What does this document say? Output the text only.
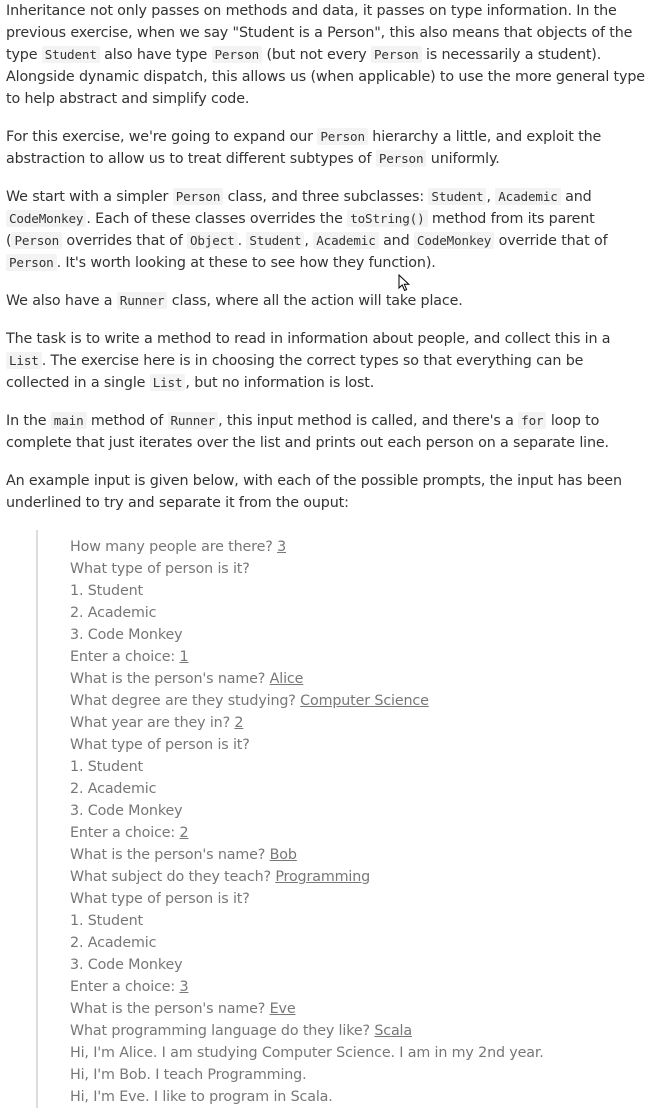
Inheritance not only passes on methods and data, it passes on type information. In the previous exercise, when we say "Student is a Person", this also means that objects of the type Student also have type Person (but not every Person is necessarily a student). Alongside dynamic dispatch, this allows us (when applicable) to use the more general type to help abstract and simplify code.

For this exercise, we're going to expand our Person hierarchy a little, and exploit the abstraction to allow us to treat different subtypes of Person uniformly.

We start with a simpler Person class, and three subclasses: Student , Academic and CodeMonkey . Each of these classes overrides the toString() method from its parent ( Person overrides that of Object . Student , Academic and CodeMonkey override that of Person . It's worth looking at these to see how they function).

We also have a Runner class, where all the action will take place.

The task is to write a method to read in information about people, and collect this in a List . The exercise here is in choosing the correct types so that everything can be collected in a single List , but no information is lost.

In the main method of Runner , this input method is called, and there's a for loop to complete that just iterates over the list and prints out each person on a separate line.

An example input is given below, with each of the possible prompts, the input has been underlined to try and separate it from the ouput:

How many people are there? 3
What type of person is it?
1. Student
2. Academic
3. Code Monkey
Enter a choice: 1
What is the person's name? Alice
What degree are they studying? Computer Science
What year are they in? 2
What type of person is it?
1. Student
2. Academic
3. Code Monkey
Enter a choice: 2
What is the person's name? Bob
What subject do they teach? Programming
What type of person is it?
1. Student
2. Academic
3. Code Monkey
Enter a choice: 3
What is the person's name? Eve
What programming language do they like? Scala
Hi, I'm Alice. I am studying Computer Science. I am in my 2nd year.
Hi, I'm Bob. I teach Programming.
Hi, I'm Eve. I like to program in Scala.
